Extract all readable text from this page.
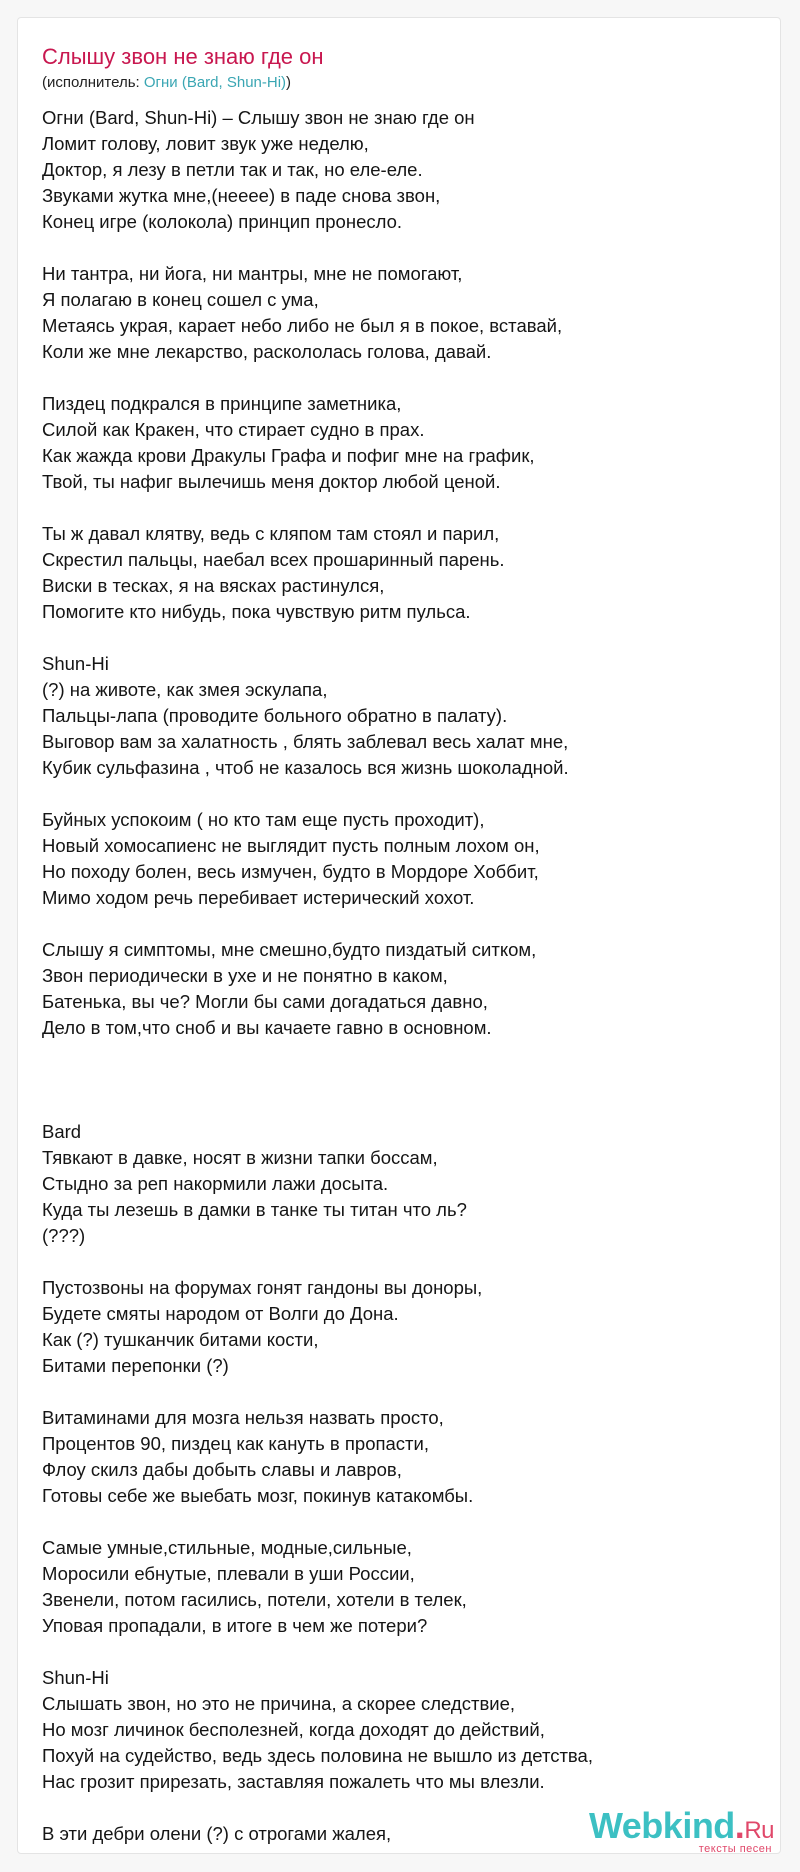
Слышу звон не знаю где он
(исполнитель: Огни (Bard, Shun-Hi))
Огни (Bard, Shun-Hi) – Слышу звон не знаю где он
Ломит голову, ловит звук уже неделю,
Доктор, я лезу в петли так и так, но еле-еле.
Звуками жутка мне,(нееее) в паде снова звон,
Конец игре (колокола) принцип пронесло.
Ни тантра, ни йога, ни мантры, мне не помогают,
Я полагаю в конец сошел с ума,
Метаясь украя, карает небо либо не был я в покое, вставай,
Коли же мне лекарство, раскололась голова, давай.
Пиздец подкрался в принципе заметника,
Силой как Кракен, что стирает судно в прах.
Как жажда крови Дракулы Графа и пофиг мне на график,
Твой, ты нафиг вылечишь меня доктор любой ценой.
Ты ж давал клятву, ведь с кляпом там стоял и парил,
Скрестил пальцы, наебал всех прошаринный парень.
Виски в тесках, я на вясках растинулся,
Помогите кто нибудь, пока чувствую ритм пульса.
Shun-Hi
(?) на животе, как змея эскулапа,
Пальцы-лапа (проводите больного обратно в палату).
Выговор вам за халатность , блять заблевал весь халат мне,
Кубик сульфазина , чтоб не казалось вся жизнь шоколадной.
Буйных успокоим ( но кто там еще пусть проходит),
Новый хомосапиенс не выглядит пусть полным лохом он,
Но походу болен, весь измучен, будто в Мордоре Хоббит,
Мимо ходом речь перебивает истерический хохот.
Слышу я симптомы, мне смешно,будто пиздатый ситком,
Звон периодически в ухе и не понятно в каком,
Батенька, вы че? Могли бы сами догадаться давно,
Дело в том,что сноб и вы качаете гавно в основном.
Bard
Тявкают в давке, носят в жизни тапки боссам,
Стыдно за реп накормили лажи досыта.
Куда ты лезешь в дамки в танке ты титан что ль?
(???)
Пустозвоны на форумах гонят гандоны вы доноры,
Будете смяты народом от Волги до Дона.
Как (?) тушканчик битами кости,
Битами перепонки (?)
Витаминами для мозга нельзя назвать просто,
Процентов 90, пиздец как кануть в пропасти,
Флоу скилз дабы добыть славы и лавров,
Готовы себе же выебать мозг, покинув катакомбы.
Самые умные,стильные, модные,сильные,
Моросили ебнутые, плевали в уши России,
Звенели, потом гасились, потели, хотели в телек,
Уповая пропадали, в итоге в чем же потери?
Shun-Hi
Слышать звон, но это не причина, а скорее следствие,
Но мозг личинок бесполезней, когда доходят до действий,
Похуй на судейство, ведь здесь половина не вышло из детства,
Нас грозит прирезать, заставляя пожалеть что мы влезли.
В эти дебри олени (?) с отрогами жалея,	Webkind.Ru
тексты песен
